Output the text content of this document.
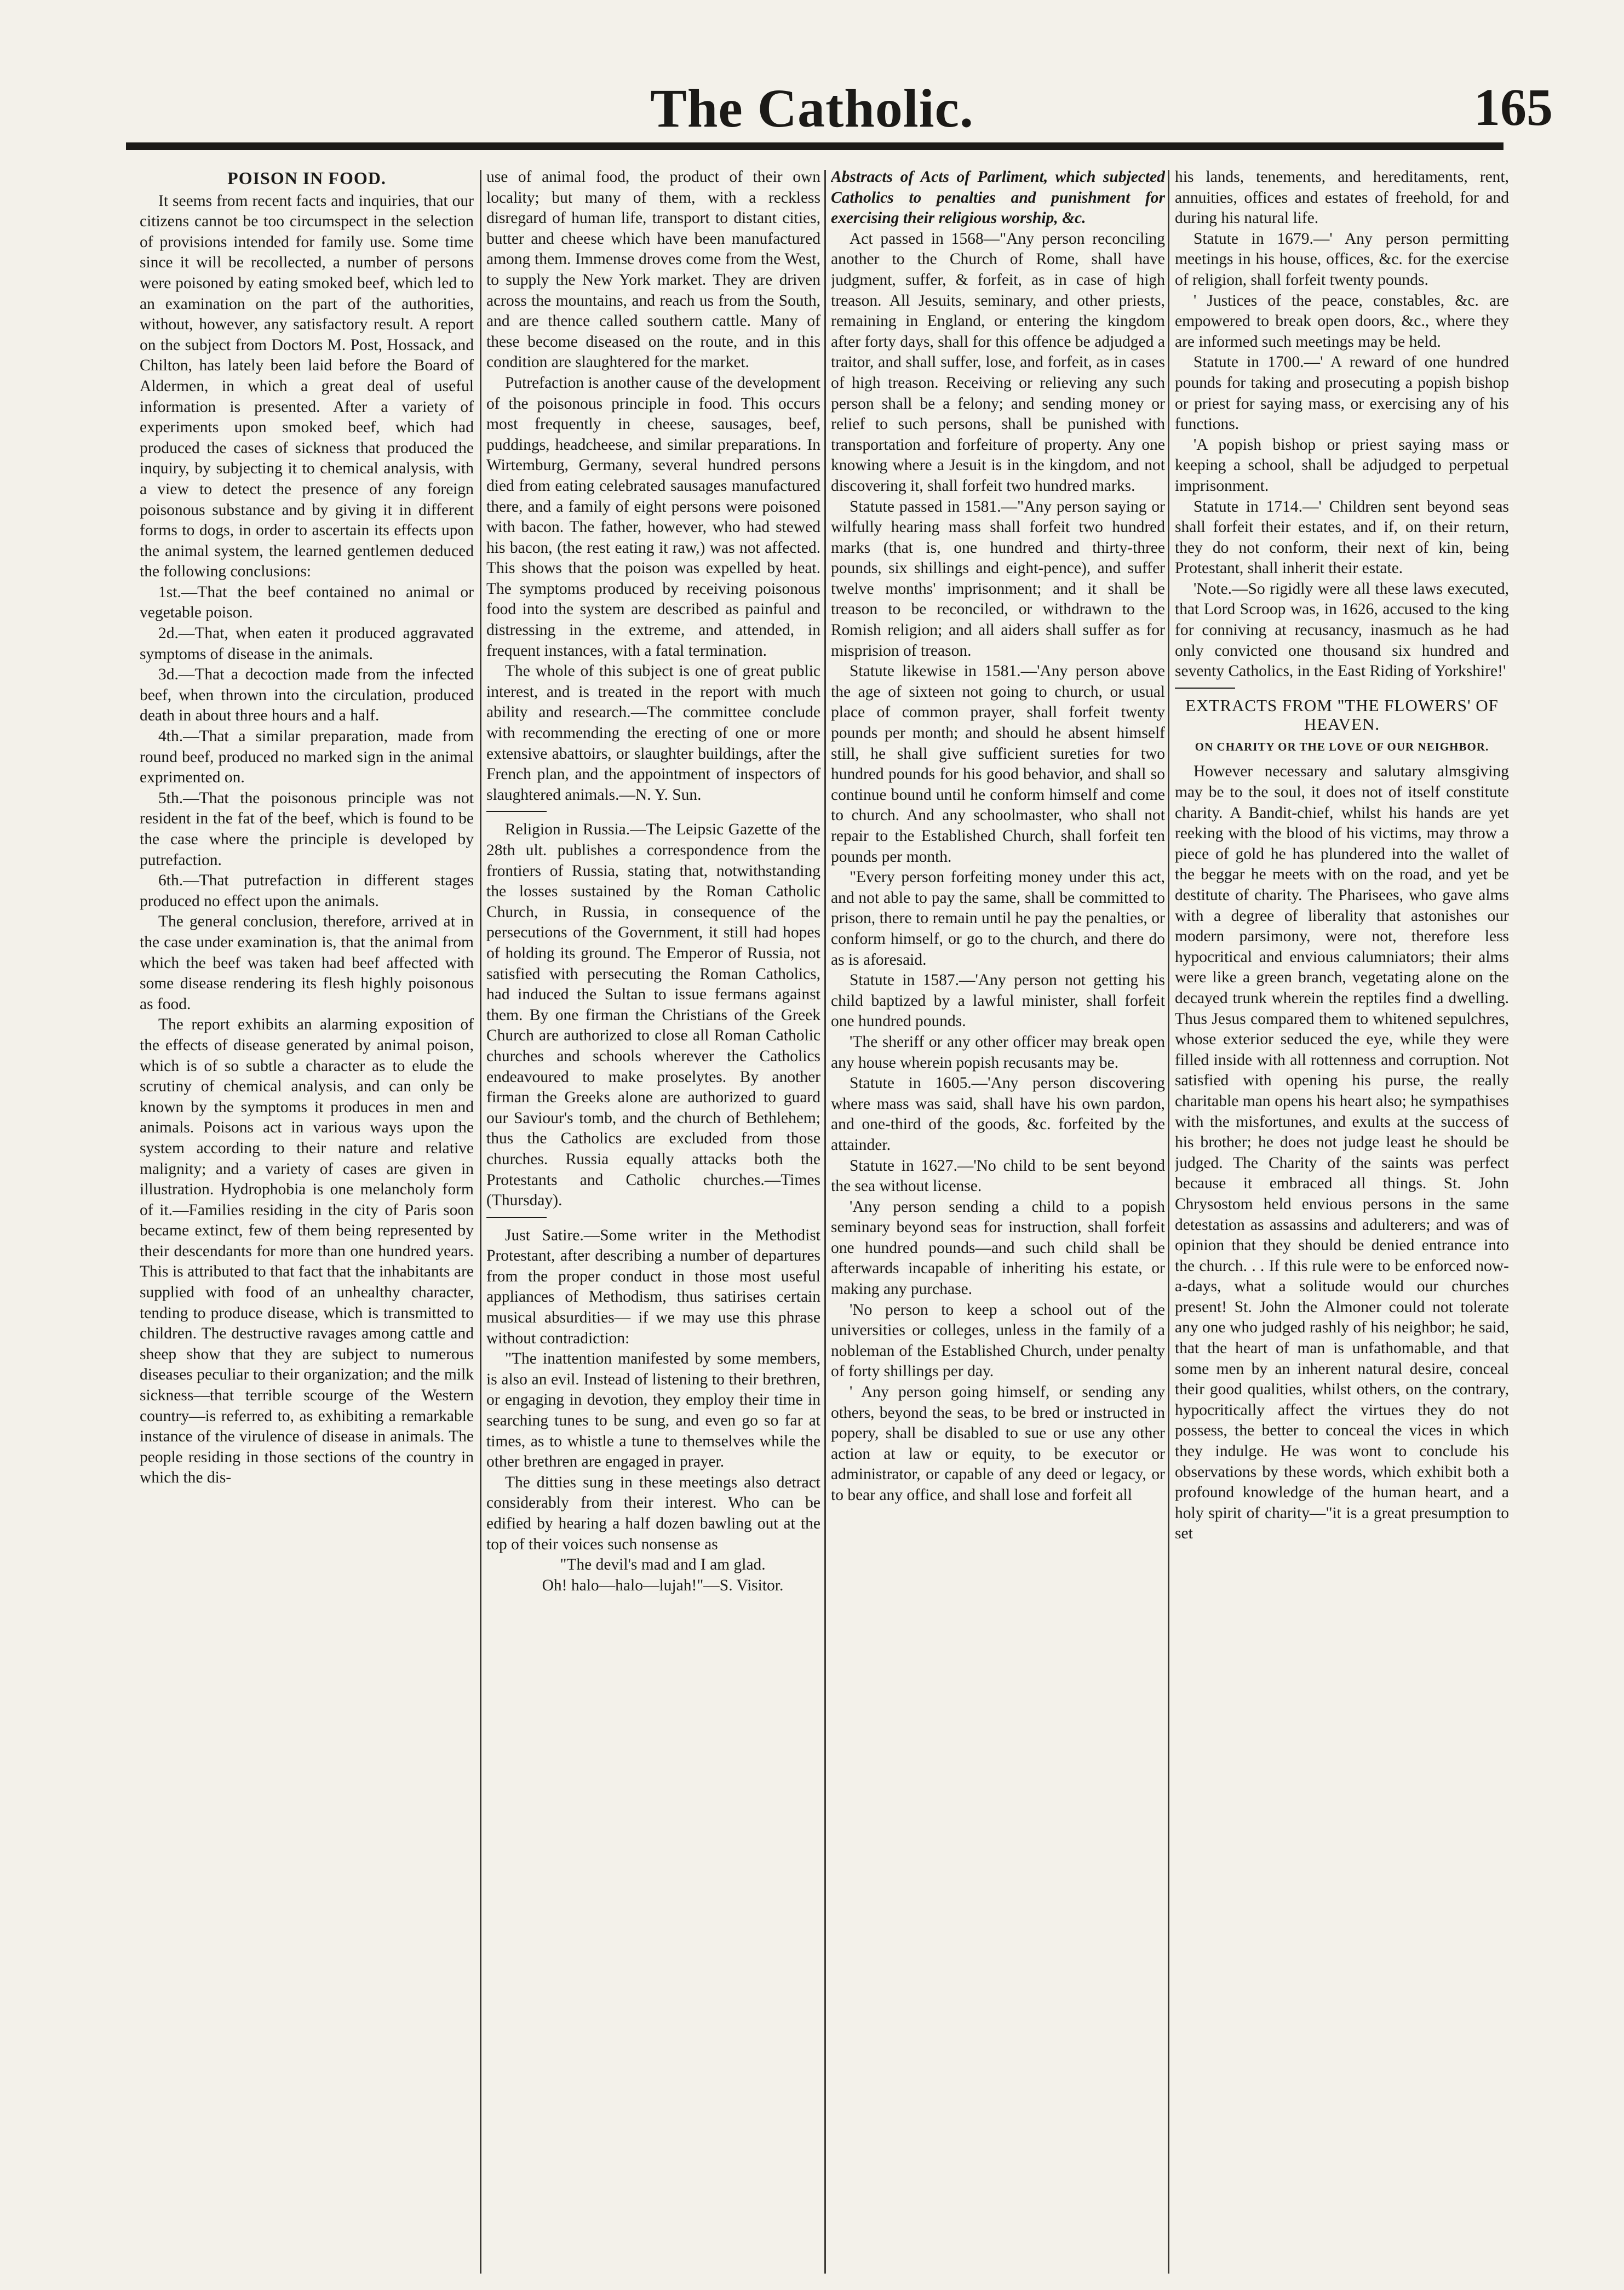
The Catholic.	165
POISON IN FOOD.

It seems from recent facts and inquiries, that our citizens cannot be too circumspect in the selection of provisions intended for family use. Some time since it will be recollected, a number of persons were poisoned by eating smoked beef, which led to an examination on the part of the authorities, without, however, any satisfactory result. A report on the subject from Doctors M. Post, Hossack, and Chilton, has lately been laid before the Board of Aldermen, in which a great deal of useful information is presented. After a variety of experiments upon smoked beef, which had produced the cases of sickness that produced the inquiry, by subjecting it to chemical analysis, with a view to detect the presence of any foreign poisonous substance and by giving it in different forms to dogs, in order to ascertain its effects upon the animal system, the learned gentlemen deduced the following conclusions:

1st.—That the beef contained no animal or vegetable poison.

2d.—That, when eaten it produced aggravated symptoms of disease in the animals.

3d.—That a decoction made from the infected beef, when thrown into the circulation, produced death in about three hours and a half.

4th.—That a similar preparation, made from round beef, produced no marked sign in the animal exprimented on.

5th.—That the poisonous principle was not resident in the fat of the beef, which is found to be the case where the principle is developed by putrefaction.

6th.—That putrefaction in different stages produced no effect upon the animals.

The general conclusion, therefore, arrived at in the case under examination is, that the animal from which the beef was taken had beef affected with some disease rendering its flesh highly poisonous as food.

The report exhibits an alarming exposition of the effects of disease generated by animal poison, which is of so subtle a character as to elude the scrutiny of chemical analysis, and can only be known by the symptoms it produces in men and animals. Poisons act in various ways upon the system according to their nature and relative malignity; and a variety of cases are given in illustration. Hydrophobia is one melancholy form of it.—Families residing in the city of Paris soon became extinct, few of them being represented by their descendants for more than one hundred years. This is attributed to that fact that the inhabitants are supplied with food of an unhealthy character, tending to produce disease, which is transmitted to children. The destructive ravages among cattle and sheep show that they are subject to numerous diseases peculiar to their organization; and the milk sickness—that terrible scourge of the Western country—is referred to, as exhibiting a remarkable instance of the virulence of disease in animals. The people residing in those sections of the country in which the dis-

use of animal food, the product of their own locality; but many of them, with a reckless disregard of human life, transport to distant cities, butter and cheese which have been manufactured among them. Immense droves come from the West, to supply the New York market. They are driven across the mountains, and reach us from the South, and are thence called southern cattle. Many of these become diseased on the route, and in this condition are slaughtered for the market.

Putrefaction is another cause of the development of the poisonous principle in food. This occurs most frequently in cheese, sausages, beef, puddings, headcheese, and similar preparations. In Wirtemburg, Germany, several hundred persons died from eating celebrated sausages manufactured there, and a family of eight persons were poisoned with bacon. The father, however, who had stewed his bacon, (the rest eating it raw,) was not affected. This shows that the poison was expelled by heat. The symptoms produced by receiving poisonous food into the system are described as painful and distressing in the extreme, and attended, in frequent instances, with a fatal termination.

The whole of this subject is one of great public interest, and is treated in the report with much ability and research.—The committee conclude with recommending the erecting of one or more extensive abattoirs, or slaughter buildings, after the French plan, and the appointment of inspectors of slaughtered animals.—N. Y. Sun.

Religion in Russia.—The Leipsic Gazette of the 28th ult. publishes a correspondence from the frontiers of Russia, stating that, notwithstanding the losses sustained by the Roman Catholic Church, in Russia, in consequence of the persecutions of the Government, it still had hopes of holding its ground. The Emperor of Russia, not satisfied with persecuting the Roman Catholics, had induced the Sultan to issue fermans against them. By one firman the Christians of the Greek Church are authorized to close all Roman Catholic churches and schools wherever the Catholics endeavoured to make proselytes. By another firman the Greeks alone are authorized to guard our Saviour's tomb, and the church of Bethlehem; thus the Catholics are excluded from those churches. Russia equally attacks both the Protestants and Catholic churches.—Times (Thursday).

Just Satire.—Some writer in the Methodist Protestant, after describing a number of departures from the proper conduct in those most useful appliances of Methodism, thus satirises certain musical absurdities— if we may use this phrase without contradiction:

"The inattention manifested by some members, is also an evil. Instead of listening to their brethren, or engaging in devotion, they employ their time in searching tunes to be sung, and even go so far at times, as to whistle a tune to themselves while the other brethren are engaged in prayer.

The ditties sung in these meetings also detract considerably from their interest. Who can be edified by hearing a half dozen bawling out at the top of their voices such nonsense as

"The devil's mad and I am glad.

Oh! halo—halo—lujah!"—S. Visitor.

Abstracts of Acts of Parliment, which subjected Catholics to penalties and punishment for exercising their religious worship, &c.

Act passed in 1568—"Any person reconciling another to the Church of Rome, shall have judgment, suffer, & forfeit, as in case of high treason. All Jesuits, seminary, and other priests, remaining in England, or entering the kingdom after forty days, shall for this offence be adjudged a traitor, and shall suffer, lose, and forfeit, as in cases of high treason. Receiving or relieving any such person shall be a felony; and sending money or relief to such persons, shall be punished with transportation and forfeiture of property. Any one knowing where a Jesuit is in the kingdom, and not discovering it, shall forfeit two hundred marks.

Statute passed in 1581.—"Any person saying or wilfully hearing mass shall forfeit two hundred marks (that is, one hundred and thirty-three pounds, six shillings and eight-pence), and suffer twelve months' imprisonment; and it shall be treason to be reconciled, or withdrawn to the Romish religion; and all aiders shall suffer as for misprision of treason.

Statute likewise in 1581.—'Any person above the age of sixteen not going to church, or usual place of common prayer, shall forfeit twenty pounds per month; and should he absent himself still, he shall give sufficient sureties for two hundred pounds for his good behavior, and shall so continue bound until he conform himself and come to church. And any schoolmaster, who shall not repair to the Established Church, shall forfeit ten pounds per month.

"Every person forfeiting money under this act, and not able to pay the same, shall be committed to prison, there to remain until he pay the penalties, or conform himself, or go to the church, and there do as is aforesaid.

Statute in 1587.—'Any person not getting his child baptized by a lawful minister, shall forfeit one hundred pounds.

'The sheriff or any other officer may break open any house wherein popish recusants may be.

Statute in 1605.—'Any person discovering where mass was said, shall have his own pardon, and one-third of the goods, &c. forfeited by the attainder.

Statute in 1627.—'No child to be sent beyond the sea without license.

'Any person sending a child to a popish seminary beyond seas for instruction, shall forfeit one hundred pounds—and such child shall be afterwards incapable of inheriting his estate, or making any purchase.

'No person to keep a school out of the universities or colleges, unless in the family of a nobleman of the Established Church, under penalty of forty shillings per day.

' Any person going himself, or sending any others, beyond the seas, to be bred or instructed in popery, shall be disabled to sue or use any other action at law or equity, to be executor or administrator, or capable of any deed or legacy, or to bear any office, and shall lose and forfeit all

his lands, tenements, and hereditaments, rent, annuities, offices and estates of freehold, for and during his natural life.

Statute in 1679.—' Any person permitting meetings in his house, offices, &c. for the exercise of religion, shall forfeit twenty pounds.

' Justices of the peace, constables, &c. are empowered to break open doors, &c., where they are informed such meetings may be held.

Statute in 1700.—' A reward of one hundred pounds for taking and prosecuting a popish bishop or priest for saying mass, or exercising any of his functions.

'A popish bishop or priest saying mass or keeping a school, shall be adjudged to perpetual imprisonment.

Statute in 1714.—' Children sent beyond seas shall forfeit their estates, and if, on their return, they do not conform, their next of kin, being Protestant, shall inherit their estate.

'Note.—So rigidly were all these laws executed, that Lord Scroop was, in 1626, accused to the king for conniving at recusancy, inasmuch as he had only convicted one thousand six hundred and seventy Catholics, in the East Riding of Yorkshire!'

EXTRACTS FROM "THE FLOWERS' OF HEAVEN.
ON CHARITY OR THE LOVE OF OUR NEIGHBOR.

However necessary and salutary almsgiving may be to the soul, it does not of itself constitute charity. A Bandit-chief, whilst his hands are yet reeking with the blood of his victims, may throw a piece of gold he has plundered into the wallet of the beggar he meets with on the road, and yet be destitute of charity. The Pharisees, who gave alms with a degree of liberality that astonishes our modern parsimony, were not, therefore less hypocritical and envious calumniators; their alms were like a green branch, vegetating alone on the decayed trunk wherein the reptiles find a dwelling. Thus Jesus compared them to whitened sepulchres, whose exterior seduced the eye, while they were filled inside with all rottenness and corruption. Not satisfied with opening his purse, the really charitable man opens his heart also; he sympathises with the misfortunes, and exults at the success of his brother; he does not judge least he should be judged. The Charity of the saints was perfect because it embraced all things. St. John Chrysostom held envious persons in the same detestation as assassins and adulterers; and was of opinion that they should be denied entrance into the church. . . If this rule were to be enforced now-a-days, what a solitude would our churches present! St. John the Almoner could not tolerate any one who judged rashly of his neighbor; he said, that the heart of man is unfathomable, and that some men by an inherent natural desire, conceal their good qualities, whilst others, on the contrary, hypocritically affect the virtues they do not possess, the better to conceal the vices in which they indulge. He was wont to conclude his observations by these words, which exhibit both a profound knowledge of the human heart, and a holy spirit of charity—"it is a great presumption to set
